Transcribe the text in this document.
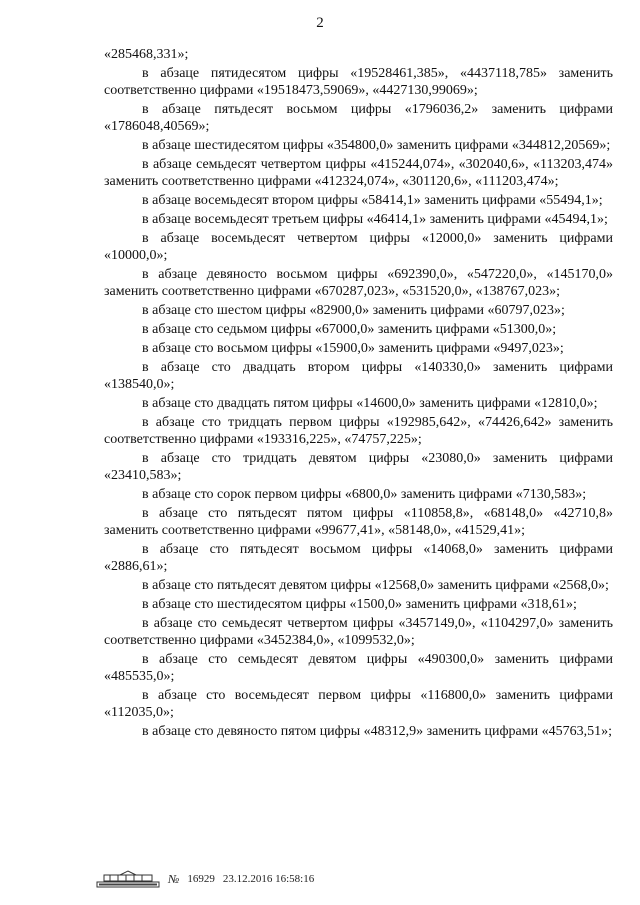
2

«285468,331»;

в абзаце пятидесятом цифры «19528461,385», «4437118,785» заменить соответственно цифрами «19518473,59069», «4427130,99069»;

в абзаце пятьдесят восьмом цифры «1796036,2» заменить цифрами «1786048,40569»;

в абзаце шестидесятом цифры «354800,0» заменить цифрами «344812,20569»;

в абзаце семьдесят четвертом цифры «415244,074», «302040,6», «113203,474» заменить соответственно цифрами «412324,074», «301120,6», «111203,474»;

в абзаце восемьдесят втором цифры «58414,1» заменить цифрами «55494,1»;

в абзаце восемьдесят третьем цифры «46414,1» заменить цифрами «45494,1»;

в абзаце восемьдесят четвертом цифры «12000,0» заменить цифрами «10000,0»;

в абзаце девяносто восьмом цифры «692390,0», «547220,0», «145170,0» заменить соответственно цифрами «670287,023», «531520,0», «138767,023»;

в абзаце сто шестом цифры «82900,0» заменить цифрами «60797,023»;

в абзаце сто седьмом цифры «67000,0» заменить цифрами «51300,0»;

в абзаце сто восьмом цифры «15900,0» заменить цифрами «9497,023»;

в абзаце сто двадцать втором цифры «140330,0» заменить цифрами «138540,0»;

в абзаце сто двадцать пятом цифры «14600,0» заменить цифрами «12810,0»;

в абзаце сто тридцать первом цифры «192985,642», «74426,642» заменить соответственно цифрами «193316,225», «74757,225»;

в абзаце сто тридцать девятом цифры «23080,0» заменить цифрами «23410,583»;

в абзаце сто сорок первом цифры «6800,0» заменить цифрами «7130,583»;

в абзаце сто пятьдесят пятом цифры «110858,8», «68148,0» «42710,8» заменить соответственно цифрами «99677,41», «58148,0», «41529,41»;

в абзаце сто пятьдесят восьмом цифры «14068,0» заменить цифрами «2886,61»;

в абзаце сто пятьдесят девятом цифры «12568,0» заменить цифрами «2568,0»;

в абзаце сто шестидесятом цифры «1500,0» заменить цифрами «318,61»;

в абзаце сто семьдесят четвертом цифры «3457149,0», «1104297,0» заменить соответственно цифрами «3452384,0», «1099532,0»;

в абзаце сто семьдесят девятом цифры «490300,0» заменить цифрами «485535,0»;

в абзаце сто восемьдесят первом цифры «116800,0» заменить цифрами «112035,0»;

в абзаце сто девяносто пятом цифры «48312,9» заменить цифрами «45763,51»;

№ 16929 23.12.2016 16:58:16
